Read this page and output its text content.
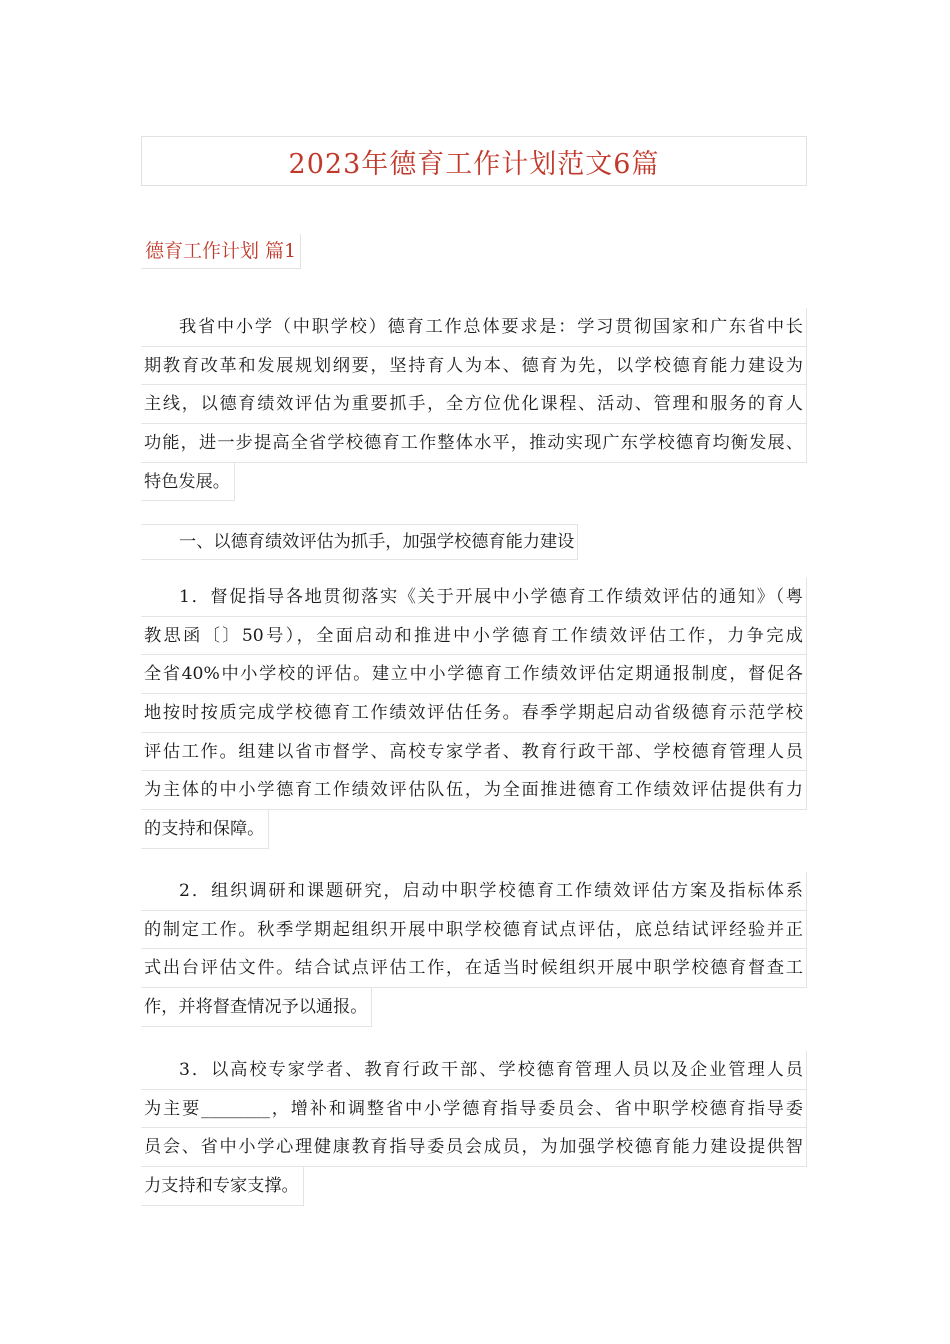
2023年德育工作计划范文6篇
德育工作计划 篇1
我省中小学（中职学校）德育工作总体要求是：学习贯彻国家和广东省中长
期教育改革和发展规划纲要，坚持育人为本、德育为先，以学校德育能力建设为
主线，以德育绩效评估为重要抓手，全方位优化课程、活动、管理和服务的育人
功能，进一步提高全省学校德育工作整体水平，推动实现广东学校德育均衡发展、
特色发展。
一、以德育绩效评估为抓手，加强学校德育能力建设
1．督促指导各地贯彻落实《关于开展中小学德育工作绩效评估的通知》（粤
教思函〔〕50号），全面启动和推进中小学德育工作绩效评估工作，力争完成
全省40%中小学校的评估。建立中小学德育工作绩效评估定期通报制度，督促各
地按时按质完成学校德育工作绩效评估任务。春季学期起启动省级德育示范学校
评估工作。组建以省市督学、高校专家学者、教育行政干部、学校德育管理人员
为主体的中小学德育工作绩效评估队伍，为全面推进德育工作绩效评估提供有力
的支持和保障。
2．组织调研和课题研究，启动中职学校德育工作绩效评估方案及指标体系
的制定工作。秋季学期起组织开展中职学校德育试点评估，底总结试评经验并正
式出台评估文件。结合试点评估工作，在适当时候组织开展中职学校德育督查工
作，并将督查情况予以通报。
3．以高校专家学者、教育行政干部、学校德育管理人员以及企业管理人员
为主要________，增补和调整省中小学德育指导委员会、省中职学校德育指导委
员会、省中小学心理健康教育指导委员会成员，为加强学校德育能力建设提供智
力支持和专家支撑。
